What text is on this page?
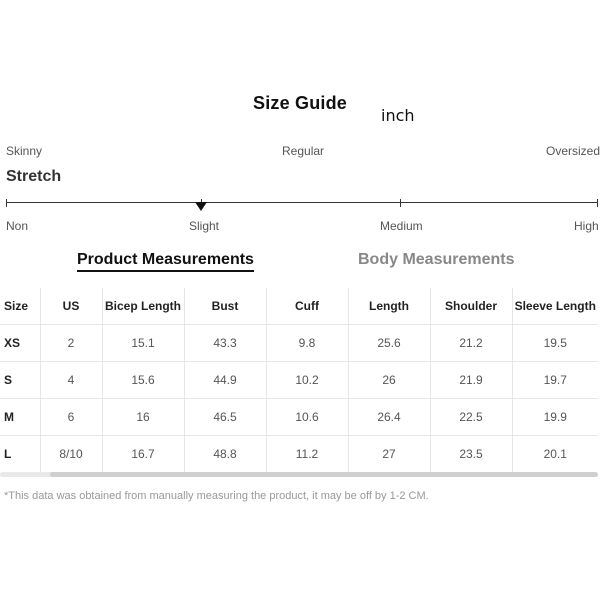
Size Guide
inch
Skinny	Regular	Oversized
Stretch
Non	Slight	Medium	High
Product Measurements	Body Measurements
Size	US	Bicep Length	Bust	Cuff	Length	Shoulder	Sleeve Length
XS	2	15.1	43.3	9.8	25.6	21.2	19.5
S	4	15.6	44.9	10.2	26	21.9	19.7
M	6	16	46.5	10.6	26.4	22.5	19.9
L	8/10	16.7	48.8	11.2	27	23.5	20.1
*This data was obtained from manually measuring the product, it may be off by 1-2 CM.
